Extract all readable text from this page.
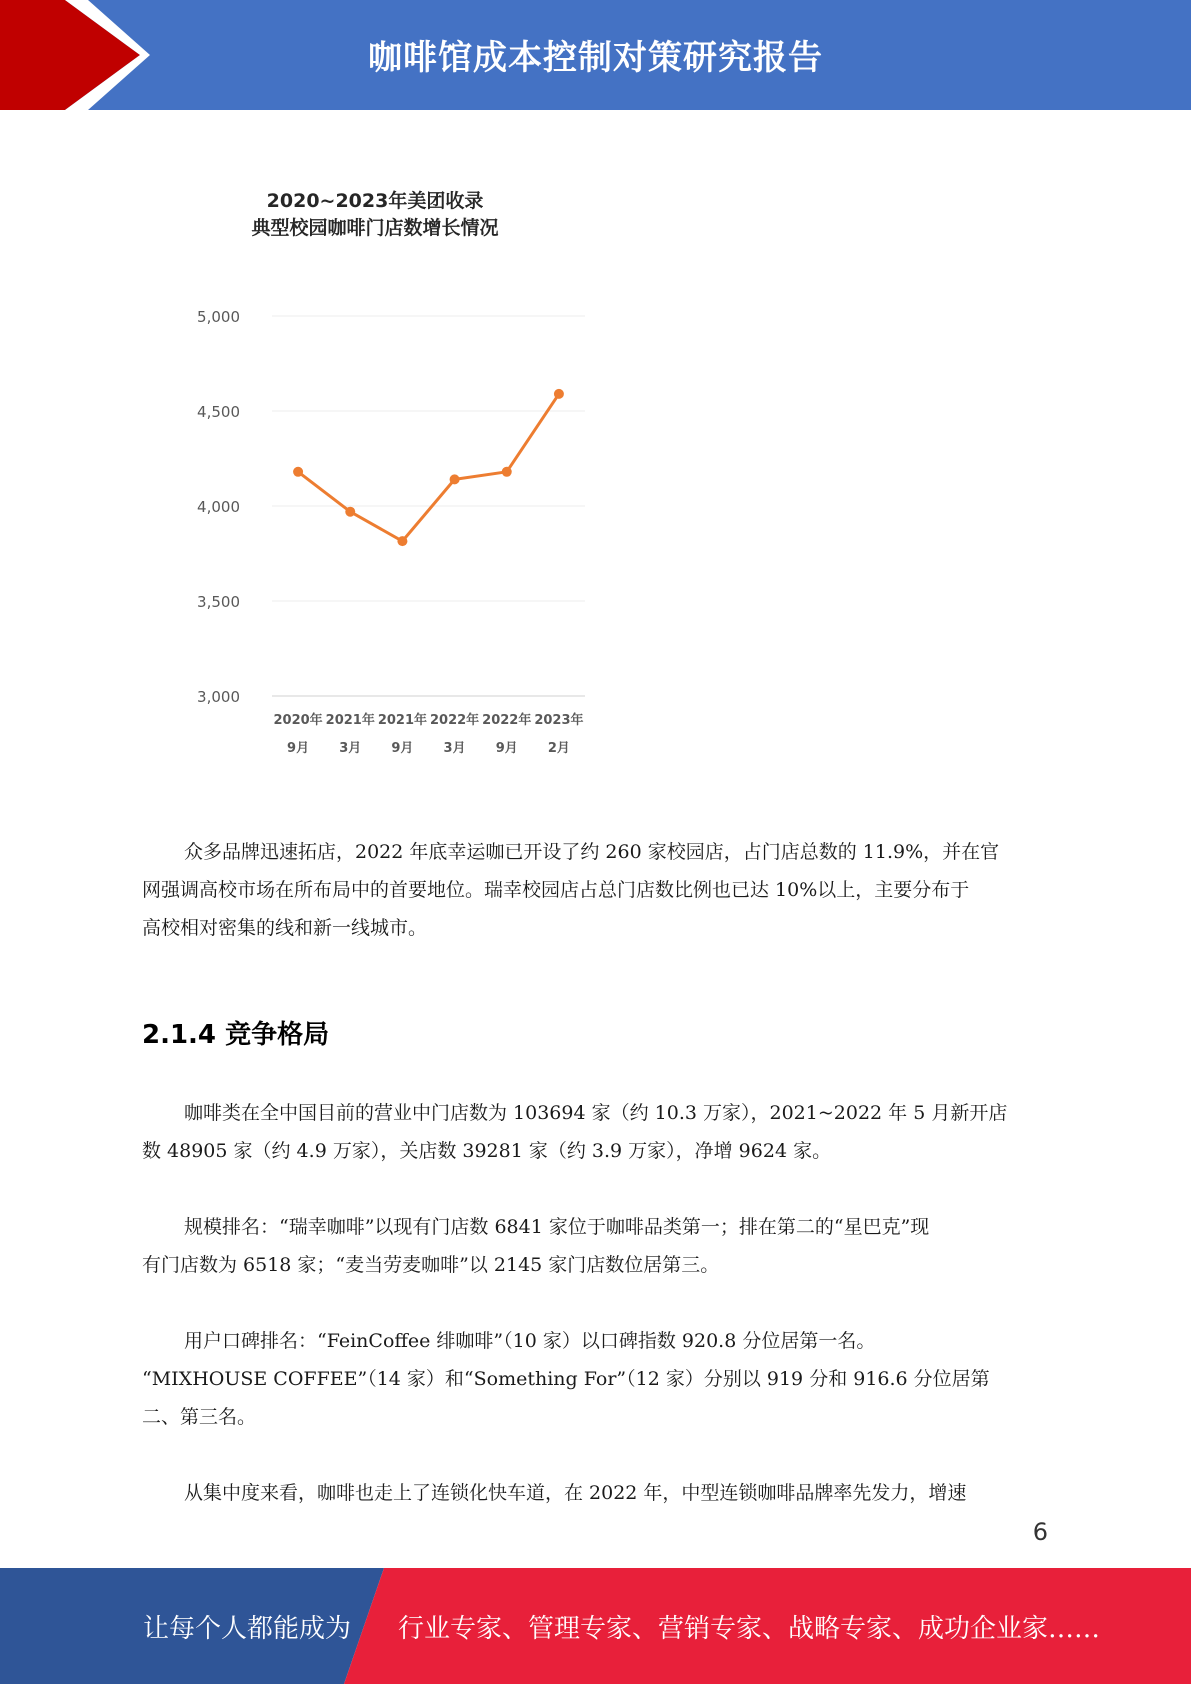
咖啡馆成本控制对策研究报告
5,000
4,500
4,000
3,500
3,000
2020年
9月
2021年
3月
2021年
9月
2022年
3月
2022年
9月
2023年
2月
2020~2023年美团收录
典型校园咖啡门店数增长情况
众多品牌迅速拓店，2022 年底幸运咖已开设了约 260 家校园店，占门店总数的 11.9%，并在官
网强调高校市场在所布局中的首要地位。瑞幸校园店占总门店数比例也已达 10%以上，主要分布于
高校相对密集的线和新一线城市。
2.1.4 竞争格局
咖啡类在全中国目前的营业中门店数为 103694 家（约 10.3 万家），2021~2022 年 5 月新开店
数 48905 家（约 4.9 万家），关店数 39281 家（约 3.9 万家），净增 9624 家。
规模排名：“瑞幸咖啡”以现有门店数 6841 家位于咖啡品类第一；排在第二的“星巴克”现
有门店数为 6518 家；“麦当劳麦咖啡”以 2145 家门店数位居第三。
用户口碑排名：“FeinCoffee 绯咖啡”（10 家）以口碑指数 920.8 分位居第一名。
“MIXHOUSE COFFEE”（14 家）和“Something For”（12 家）分别以 919 分和 916.6 分位居第
二、第三名。
从集中度来看，咖啡也走上了连锁化快车道，在 2022 年，中型连锁咖啡品牌率先发力，增速
6
让每个人都能成为 行业专家、管理专家、营销专家、战略专家、成功企业家……
